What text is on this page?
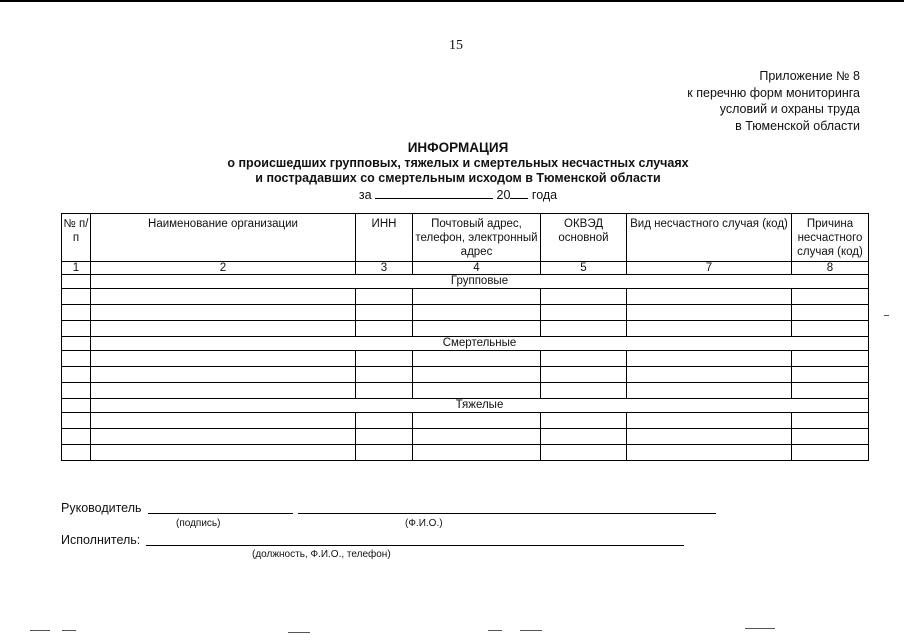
15
Приложение № 8
к перечню форм мониторинга
условий и охраны труда
в Тюменской области
ИНФОРМАЦИЯ
о происшедших групповых, тяжелых и смертельных несчастных случаях
и пострадавших со смертельным исходом в Тюменской области
за	20 года
№ п/п	Наименование организации	ИНН	Почтовый адрес, телефон, электронный адрес	ОКВЭД основной	Вид несчастного случая (код)	Причина несчастного случая (код)
1	2	3	4	5	7	8
	Групповые					

	Смертельные					

	Тяжелые					

Руководитель
(подпись)	(Ф.И.О.)
Исполнитель:
(должность, Ф.И.О., телефон)
